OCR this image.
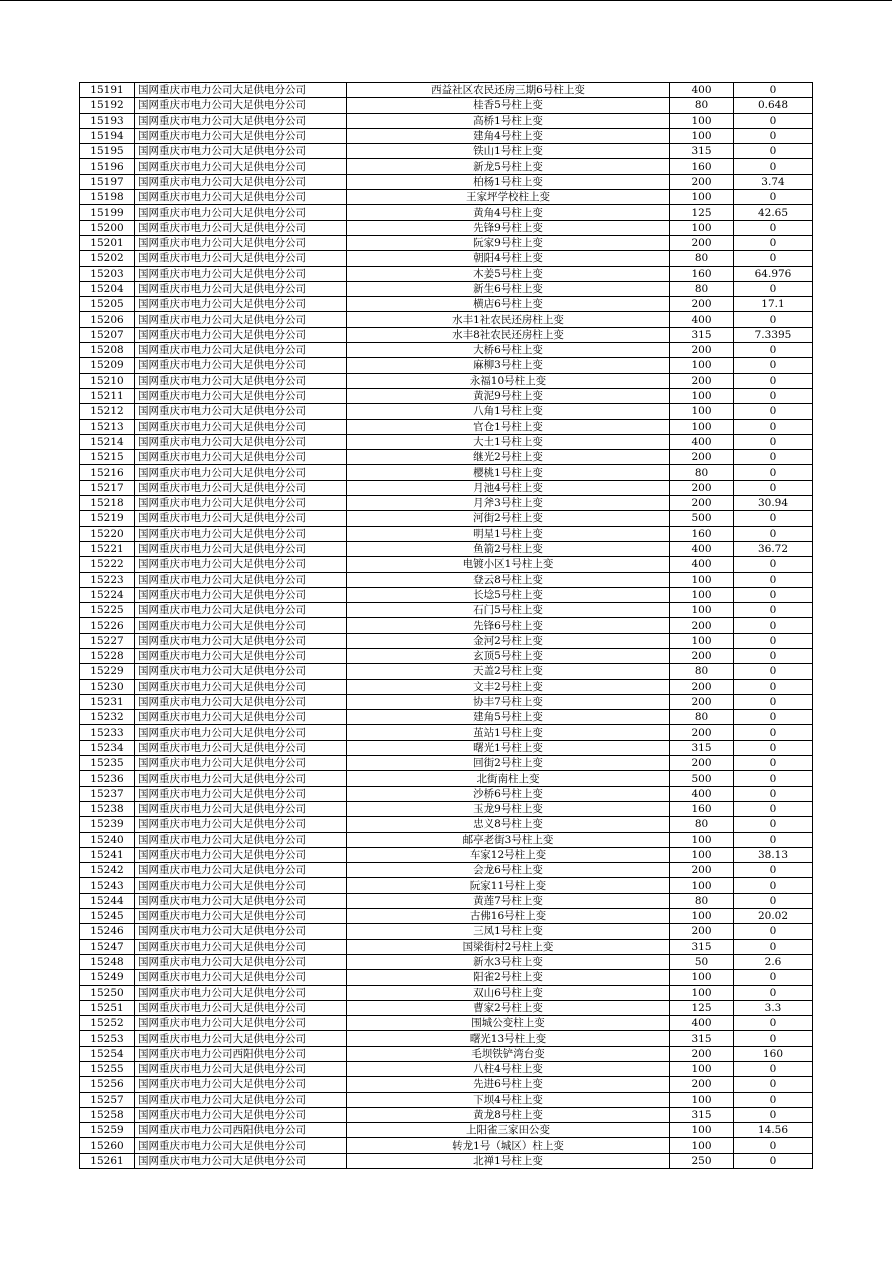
15191	国网重庆市电力公司大足供电分公司	西益社区农民还房三期6号柱上变	400	0
15192	国网重庆市电力公司大足供电分公司	桂香5号柱上变	80	0.648
15193	国网重庆市电力公司大足供电分公司	高桥1号柱上变	100	0
15194	国网重庆市电力公司大足供电分公司	建角4号柱上变	100	0
15195	国网重庆市电力公司大足供电分公司	铁山1号柱上变	315	0
15196	国网重庆市电力公司大足供电分公司	新龙5号柱上变	160	0
15197	国网重庆市电力公司大足供电分公司	柏杨1号柱上变	200	3.74
15198	国网重庆市电力公司大足供电分公司	王家坪学校柱上变	100	0
15199	国网重庆市电力公司大足供电分公司	黄角4号柱上变	125	42.65
15200	国网重庆市电力公司大足供电分公司	先锋9号柱上变	100	0
15201	国网重庆市电力公司大足供电分公司	阮家9号柱上变	200	0
15202	国网重庆市电力公司大足供电分公司	朝阳4号柱上变	80	0
15203	国网重庆市电力公司大足供电分公司	木姜5号柱上变	160	64.976
15204	国网重庆市电力公司大足供电分公司	新生6号柱上变	80	0
15205	国网重庆市电力公司大足供电分公司	横店6号柱上变	200	17.1
15206	国网重庆市电力公司大足供电分公司	水丰1社农民还房柱上变	400	0
15207	国网重庆市电力公司大足供电分公司	水丰8社农民还房柱上变	315	7.3395
15208	国网重庆市电力公司大足供电分公司	大桥6号柱上变	200	0
15209	国网重庆市电力公司大足供电分公司	麻柳3号柱上变	100	0
15210	国网重庆市电力公司大足供电分公司	永福10号柱上变	200	0
15211	国网重庆市电力公司大足供电分公司	黄泥9号柱上变	100	0
15212	国网重庆市电力公司大足供电分公司	八角1号柱上变	100	0
15213	国网重庆市电力公司大足供电分公司	官仓1号柱上变	100	0
15214	国网重庆市电力公司大足供电分公司	大土1号柱上变	400	0
15215	国网重庆市电力公司大足供电分公司	继光2号柱上变	200	0
15216	国网重庆市电力公司大足供电分公司	樱桃1号柱上变	80	0
15217	国网重庆市电力公司大足供电分公司	月池4号柱上变	200	0
15218	国网重庆市电力公司大足供电分公司	月斧3号柱上变	200	30.94
15219	国网重庆市电力公司大足供电分公司	河街2号柱上变	500	0
15220	国网重庆市电力公司大足供电分公司	明星1号柱上变	160	0
15221	国网重庆市电力公司大足供电分公司	鱼箭2号柱上变	400	36.72
15222	国网重庆市电力公司大足供电分公司	电镀小区1号柱上变	400	0
15223	国网重庆市电力公司大足供电分公司	登云8号柱上变	100	0
15224	国网重庆市电力公司大足供电分公司	长埝5号柱上变	100	0
15225	国网重庆市电力公司大足供电分公司	石门5号柱上变	100	0
15226	国网重庆市电力公司大足供电分公司	先锋6号柱上变	200	0
15227	国网重庆市电力公司大足供电分公司	金河2号柱上变	100	0
15228	国网重庆市电力公司大足供电分公司	玄顶5号柱上变	200	0
15229	国网重庆市电力公司大足供电分公司	天盖2号柱上变	80	0
15230	国网重庆市电力公司大足供电分公司	文丰2号柱上变	200	0
15231	国网重庆市电力公司大足供电分公司	协丰7号柱上变	200	0
15232	国网重庆市电力公司大足供电分公司	建角5号柱上变	80	0
15233	国网重庆市电力公司大足供电分公司	茧站1号柱上变	200	0
15234	国网重庆市电力公司大足供电分公司	曙光1号柱上变	315	0
15235	国网重庆市电力公司大足供电分公司	回街2号柱上变	200	0
15236	国网重庆市电力公司大足供电分公司	北街南柱上变	500	0
15237	国网重庆市电力公司大足供电分公司	沙桥6号柱上变	400	0
15238	国网重庆市电力公司大足供电分公司	玉龙9号柱上变	160	0
15239	国网重庆市电力公司大足供电分公司	忠义8号柱上变	80	0
15240	国网重庆市电力公司大足供电分公司	邮亭老街3号柱上变	100	0
15241	国网重庆市电力公司大足供电分公司	车家12号柱上变	100	38.13
15242	国网重庆市电力公司大足供电分公司	会龙6号柱上变	200	0
15243	国网重庆市电力公司大足供电分公司	阮家11号柱上变	100	0
15244	国网重庆市电力公司大足供电分公司	黄莲7号柱上变	80	0
15245	国网重庆市电力公司大足供电分公司	古佛16号柱上变	100	20.02
15246	国网重庆市电力公司大足供电分公司	三凤1号柱上变	200	0
15247	国网重庆市电力公司大足供电分公司	国梁街村2号柱上变	315	0
15248	国网重庆市电力公司大足供电分公司	新水3号柱上变	50	2.6
15249	国网重庆市电力公司大足供电分公司	阳雀2号柱上变	100	0
15250	国网重庆市电力公司大足供电分公司	双山6号柱上变	100	0
15251	国网重庆市电力公司大足供电分公司	曹家2号柱上变	125	3.3
15252	国网重庆市电力公司大足供电分公司	围城公变柱上变	400	0
15253	国网重庆市电力公司大足供电分公司	曙光13号柱上变	315	0
15254	国网重庆市电力公司西阳供电分公司	毛坝铁铲湾台变	200	160
15255	国网重庆市电力公司大足供电分公司	八柱4号柱上变	100	0
15256	国网重庆市电力公司大足供电分公司	先进6号柱上变	200	0
15257	国网重庆市电力公司大足供电分公司	下坝4号柱上变	100	0
15258	国网重庆市电力公司大足供电分公司	黄龙8号柱上变	315	0
15259	国网重庆市电力公司西阳供电分公司	上阳雀三家田公变	100	14.56
15260	国网重庆市电力公司大足供电分公司	转龙1号（城区）柱上变	100	0
15261	国网重庆市电力公司大足供电分公司	北禅1号柱上变	250	0
